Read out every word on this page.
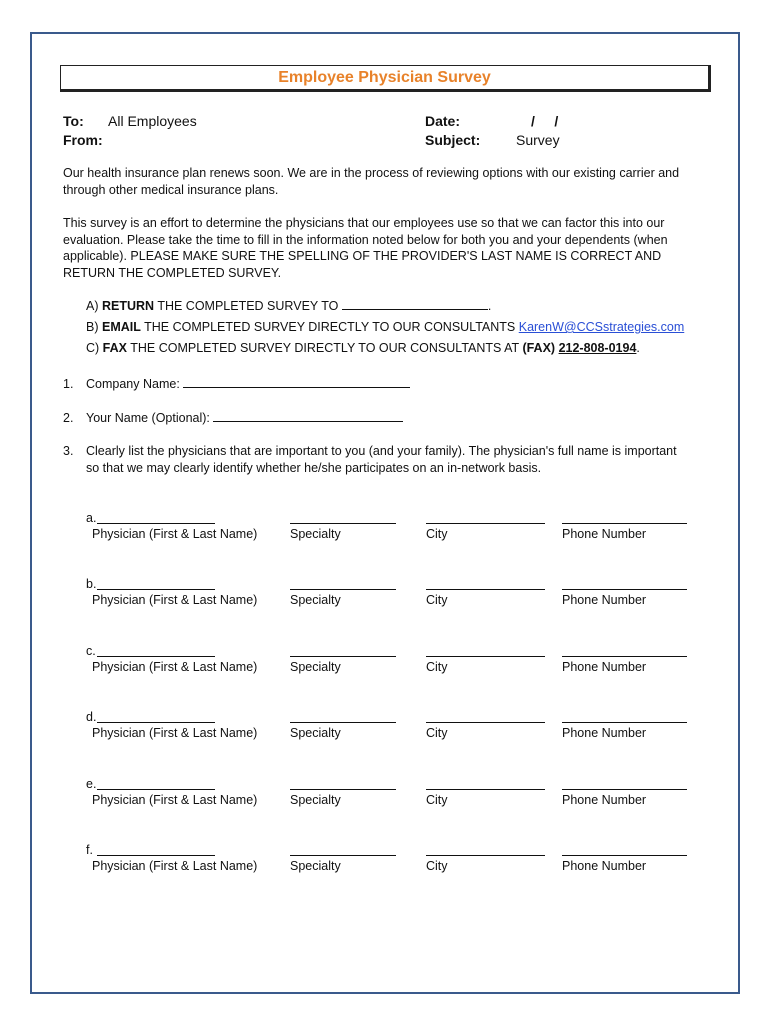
Employee Physician Survey
To: All Employees
From:
Date:	/     /
Subject:	Survey
Our health insurance plan renews soon. We are in the process of reviewing options with our existing carrier and through other medical insurance plans.
This survey is an effort to determine the physicians that our employees use so that we can factor this into our evaluation. Please take the time to fill in the information noted below for both you and your dependents (when applicable). PLEASE MAKE SURE THE SPELLING OF THE PROVIDER'S LAST NAME IS CORRECT AND RETURN THE COMPLETED SURVEY.
A) RETURN THE COMPLETED SURVEY TO	.
B) EMAIL THE COMPLETED SURVEY DIRECTLY TO OUR CONSULTANTS KarenW@CCSstrategies.com
C) FAX THE COMPLETED SURVEY DIRECTLY TO OUR CONSULTANTS AT (FAX) 212-808-0194.
1. Company Name:
2. Your Name (Optional):
3. Clearly list the physicians that are important to you (and your family). The physician's full name is important so that we may clearly identify whether he/she participates on an in-network basis.
a.
Physician (First & Last Name)	Specialty	City	Phone Number
b.
Physician (First & Last Name)	Specialty	City	Phone Number
c.
Physician (First & Last Name)	Specialty	City	Phone Number
d.
Physician (First & Last Name)	Specialty	City	Phone Number
e.
Physician (First & Last Name)	Specialty	City	Phone Number
f.
Physician (First & Last Name)	Specialty	City	Phone Number
